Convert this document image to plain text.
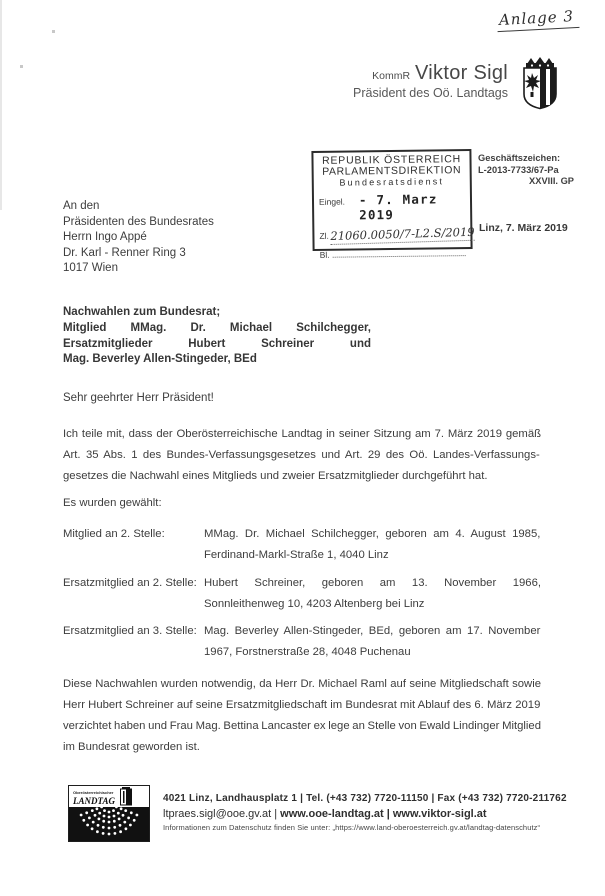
Anlage 3
KommR Viktor Sigl
Präsident des Oö. Landtags
REPUBLIK ÖSTERREICH
PARLAMENTSDIREKTION
Bundesratsdienst
Eingel. - 7. Marz 2019
Zl. 21060.0050/7-L2.S/2019
Bl.
Geschäftszeichen:
L-2013-7733/67-Pa
XXVIII. GP
Linz, 7. März 2019
An den
Präsidenten des Bundesrates
Herrn Ingo Appé
Dr. Karl - Renner Ring 3
1017 Wien
Nachwahlen zum Bundesrat;
Mitglied MMag. Dr. Michael Schilchegger,
Ersatzmitglieder Hubert Schreiner und
Mag. Beverley Allen-Stingeder, BEd
Sehr geehrter Herr Präsident!
Ich teile mit, dass der Oberösterreichische Landtag in seiner Sitzung am 7. März 2019 gemäß
Art. 35 Abs. 1 des Bundes-Verfassungsgesetzes und Art. 29 des Oö. Landes-Verfassungs-
gesetzes die Nachwahl eines Mitglieds und zweier Ersatzmitglieder durchgeführt hat.
Es wurden gewählt:
Mitglied an 2. Stelle:	MMag. Dr. Michael Schilchegger, geboren am 4. August 1985,
Ferdinand-Markl-Straße 1, 4040 Linz
Ersatzmitglied an 2. Stelle: Hubert Schreiner, geboren am 13. November 1966,
Sonnleithenweg 10, 4203 Altenberg bei Linz
Ersatzmitglied an 3. Stelle: Mag. Beverley Allen-Stingeder, BEd, geboren am 17. November
1967, Forstnerstraße 28, 4048 Puchenau
Diese Nachwahlen wurden notwendig, da Herr Dr. Michael Raml auf seine Mitgliedschaft sowie
Herr Hubert Schreiner auf seine Ersatzmitgliedschaft im Bundesrat mit Ablauf des 6. März 2019
verzichtet haben und Frau Mag. Bettina Lancaster ex lege an Stelle von Ewald Lindinger Mitglied
im Bundesrat geworden ist.
Oberösterreichischer
LANDTAG	4021 Linz, Landhausplatz 1 | Tel. (+43 732) 7720-11150 | Fax (+43 732) 7720-211762
ltpraes.sigl@ooe.gv.at | www.ooe-landtag.at | www.viktor-sigl.at
Informationen zum Datenschutz finden Sie unter: „https://www.land-oberoesterreich.gv.at/landtag-datenschutz“
